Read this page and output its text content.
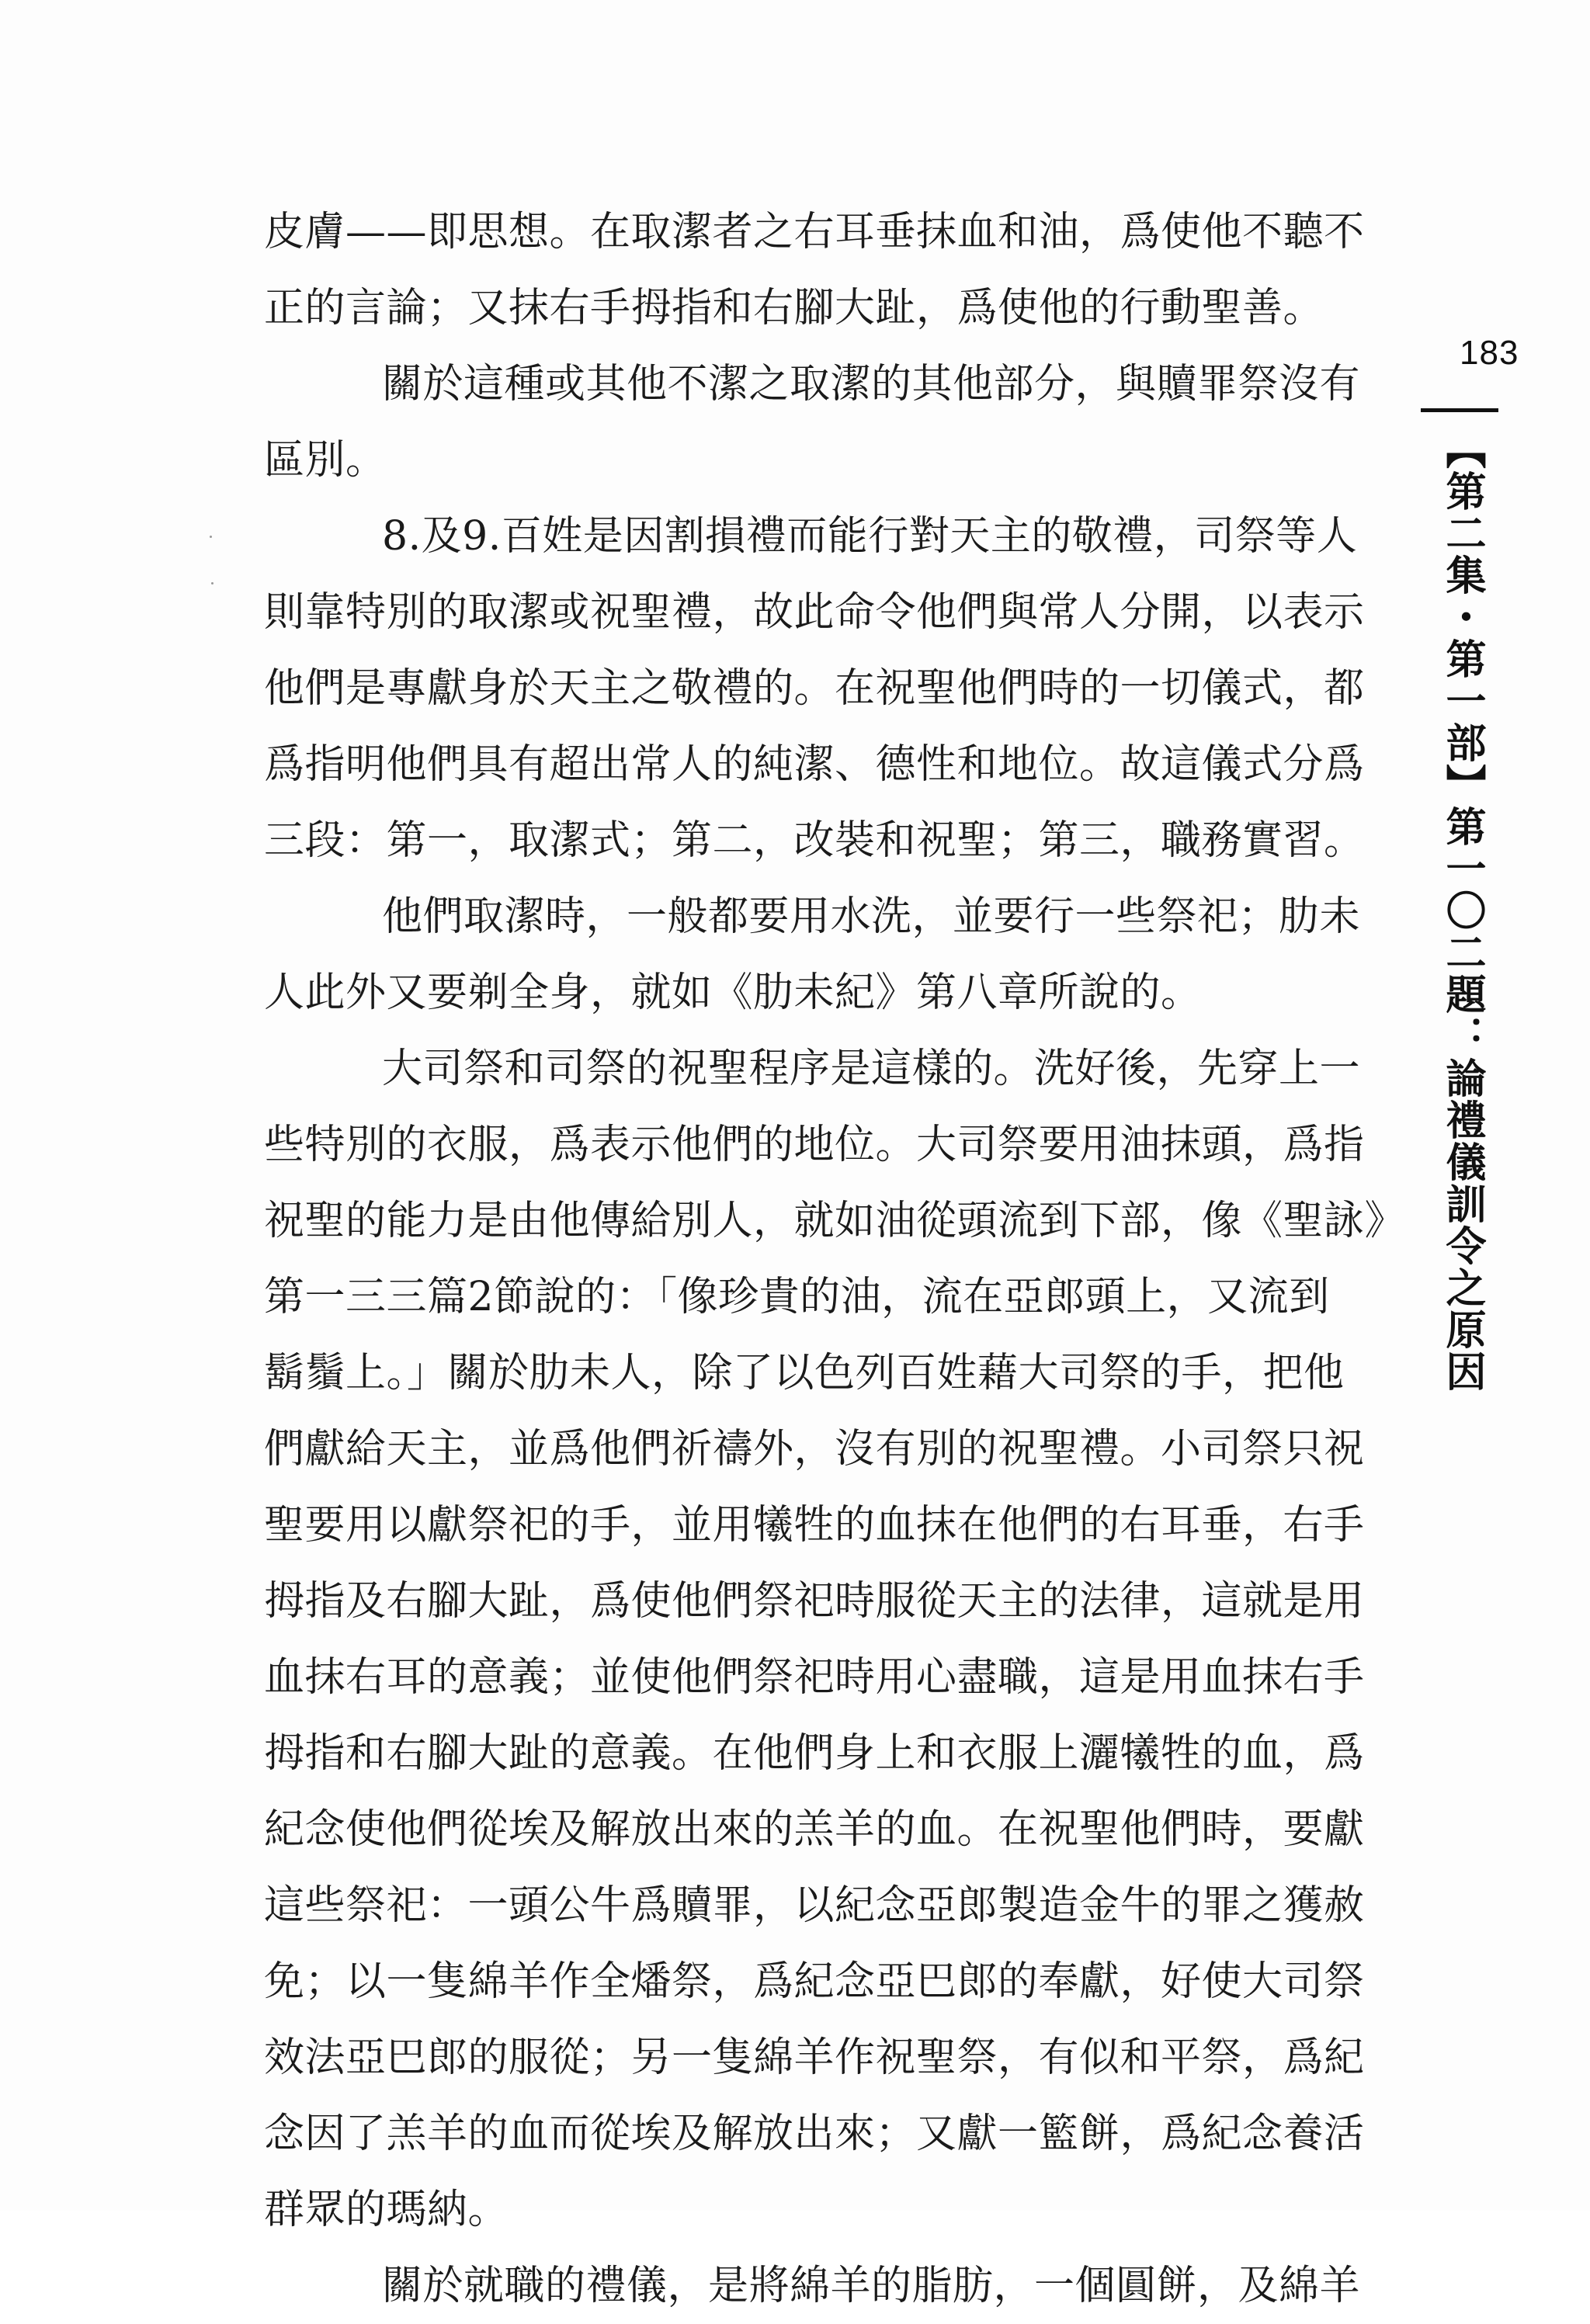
皮膚——即思想。在取潔者之右耳垂抹血和油，爲使他不聽不
正的言論；又抹右手拇指和右腳大趾，爲使他的行動聖善。
關於這種或其他不潔之取潔的其他部分，與贖罪祭沒有
區別。
8.及9.百姓是因割損禮而能行對天主的敬禮，司祭等人
則靠特別的取潔或祝聖禮，故此命令他們與常人分開，以表示
他們是專獻身於天主之敬禮的。在祝聖他們時的一切儀式，都
爲指明他們具有超出常人的純潔、德性和地位。故這儀式分爲
三段：第一，取潔式；第二，改裝和祝聖；第三，職務實習。
他們取潔時，一般都要用水洗，並要行一些祭祀；肋未
人此外又要剃全身，就如《肋未紀》第八章所說的。
大司祭和司祭的祝聖程序是這樣的。洗好後，先穿上一
些特別的衣服，爲表示他們的地位。大司祭要用油抹頭，爲指
祝聖的能力是由他傳給別人，就如油從頭流到下部，像《聖詠》
第一三三篇2節說的：「像珍貴的油，流在亞郎頭上，又流到
鬍鬚上。」關於肋未人，除了以色列百姓藉大司祭的手，把他
們獻給天主，並爲他們祈禱外，沒有別的祝聖禮。小司祭只祝
聖要用以獻祭祀的手，並用犧牲的血抹在他們的右耳垂，右手
拇指及右腳大趾，爲使他們祭祀時服從天主的法律，這就是用
血抹右耳的意義；並使他們祭祀時用心盡職，這是用血抹右手
拇指和右腳大趾的意義。在他們身上和衣服上灑犧牲的血，爲
紀念使他們從埃及解放出來的羔羊的血。在祝聖他們時，要獻
這些祭祀：一頭公牛爲贖罪，以紀念亞郎製造金牛的罪之獲赦
免；以一隻綿羊作全燔祭，爲紀念亞巴郎的奉獻，好使大司祭
效法亞巴郎的服從；另一隻綿羊作祝聖祭，有似和平祭，爲紀
念因了羔羊的血而從埃及解放出來；又獻一籃餅，爲紀念養活
群眾的瑪納。
關於就職的禮儀，是將綿羊的脂肪，一個圓餅，及綿羊
183
【第二集・第一部】第一〇二題：論禮儀訓令之原因
